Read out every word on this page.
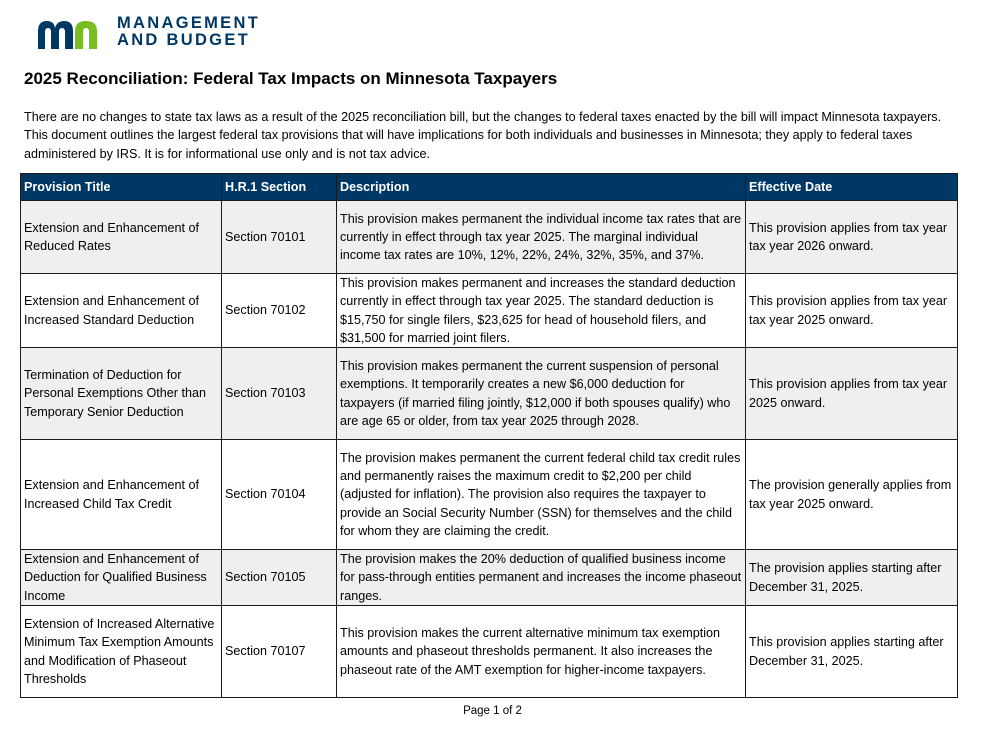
MANAGEMENT
AND BUDGET
2025 Reconciliation: Federal Tax Impacts on Minnesota Taxpayers

There are no changes to state tax laws as a result of the 2025 reconciliation bill, but the changes to federal taxes enacted by the bill will impact Minnesota taxpayers. This document outlines the largest federal tax provisions that will have implications for both individuals and businesses in Minnesota; they apply to federal taxes administered by IRS. It is for informational use only and is not tax advice.

Provision Title	H.R.1 Section	Description	Effective Date
Extension and Enhancement of Reduced Rates	Section 70101	This provision makes permanent the individual income tax rates that are currently in effect through tax year 2025. The marginal individual income tax rates are 10%, 12%, 22%, 24%, 32%, 35%, and 37%.	This provision applies from tax year tax year 2026 onward.
Extension and Enhancement of Increased Standard Deduction	Section 70102	This provision makes permanent and increases the standard deduction currently in effect through tax year 2025. The standard deduction is $15,750 for single filers, $23,625 for head of household filers, and $31,500 for married joint filers.	This provision applies from tax year tax year 2025 onward.
Termination of Deduction for Personal Exemptions Other than Temporary Senior Deduction	Section 70103	This provision makes permanent the current suspension of personal exemptions. It temporarily creates a new $6,000 deduction for taxpayers (if married filing jointly, $12,000 if both spouses qualify) who are age 65 or older, from tax year 2025 through 2028.	This provision applies from tax year 2025 onward.
Extension and Enhancement of Increased Child Tax Credit	Section 70104	The provision makes permanent the current federal child tax credit rules and permanently raises the maximum credit to $2,200 per child (adjusted for inflation). The provision also requires the taxpayer to provide an Social Security Number (SSN) for themselves and the child for whom they are claiming the credit.	The provision generally applies from tax year 2025 onward.
Extension and Enhancement of Deduction for Qualified Business Income	Section 70105	The provision makes the 20% deduction of qualified business income for pass-through entities permanent and increases the income phaseout ranges.	The provision applies starting after December 31, 2025.
Extension of Increased Alternative Minimum Tax Exemption Amounts and Modification of Phaseout Thresholds	Section 70107	This provision makes the current alternative minimum tax exemption amounts and phaseout thresholds permanent. It also increases the phaseout rate of the AMT exemption for higher-income taxpayers.	This provision applies starting after December 31, 2025.
Page 1 of 2
